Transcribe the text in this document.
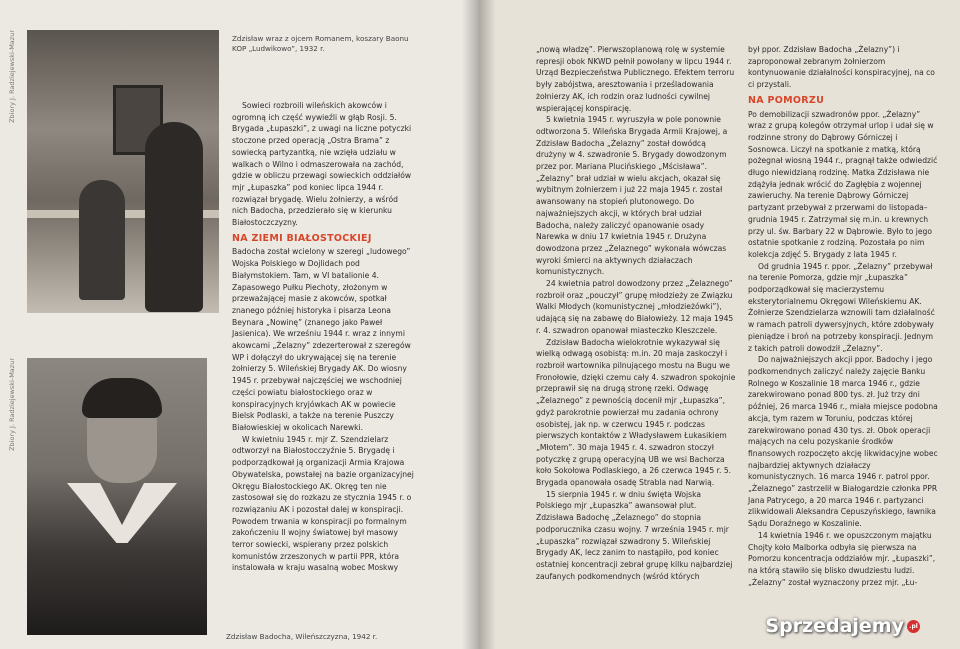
Zbiory J. Radziejewski-Mazur	Zdzisław wraz z ojcem Romanem, koszary Baonu KOP „Ludwikowo”, 1932 r.
Zbiory J. Radziejewski-Mazur
Zdzisław Badocha, Wileńszczyzna, 1942 r.

Sowieci rozbroili wileńskich akowców i ogromną ich część wywieźli w głąb Rosji. 5. Brygada „Łupaszki”, z uwagi na liczne potyczki stoczone przed operacją „Ostra Brama” z sowiecką partyzantką, nie wzięła udziału w walkach o Wilno i odmaszerowała na zachód, gdzie w obliczu przewagi sowieckich oddziałów mjr „Łupaszka” pod koniec lipca 1944 r. rozwiązał brygadę. Wielu żołnierzy, a wśród nich Badocha, przedzierało się w kierunku Białostoczczyzny.

NA ZIEMI BIAŁOSTOCKIEJ

Badocha został wcielony w szeregi „ludowego” Wojska Polskiego w Dojlidach pod Białymstokiem. Tam, w VI batalionie 4. Zapasowego Pułku Piechoty, złożonym w przeważającej masie z akowców, spotkał znanego później historyka i pisarza Leona Beynara „Nowinę” (znanego jako Paweł Jasienica). We wrześniu 1944 r. wraz z innymi akowcami „Żelazny” zdezerterował z szeregów WP i dołączył do ukrywającej się na terenie żołnierzy 5. Wileńskiej Brygady AK. Do wiosny 1945 r. przebywał najczęściej we wschodniej części powiatu białostockiego oraz w konspiracyjnych kryjówkach AK w powiecie Bielsk Podlaski, a także na terenie Puszczy Białowieskiej w okolicach Narewki.

W kwietniu 1945 r. mjr Z. Szendzielarz odtworzył na Białostocczyźnie 5. Brygadę i podporządkował ją organizacji Armia Krajowa Obywatelska, powstałej na bazie organizacyjnej Okręgu Białostockiego AK. Okręg ten nie zastosował się do rozkazu ze stycznia 1945 r. o rozwiązaniu AK i pozostał dalej w konspiracji. Powodem trwania w konspiracji po formalnym zakończeniu II wojny światowej był masowy terror sowiecki, wspierany przez polskich komunistów zrzeszonych w partii PPR, która instalowała w kraju wasalną wobec Moskwy

„nową władzę”. Pierwszoplanową rolę w systemie represji obok NKWD pełnił powołany w lipcu 1944 r. Urząd Bezpieczeństwa Publicznego. Efektem terroru były zabójstwa, aresztowania i prześladowania żołnierzy AK, ich rodzin oraz ludności cywilnej wspierającej konspirację.

5 kwietnia 1945 r. wyruszyła w pole ponownie odtworzona 5. Wileńska Brygada Armii Krajowej, a Zdzisław Badocha „Żelazny” został dowódcą drużyny w 4. szwadronie 5. Brygady dowodzonym przez por. Mariana Plucińskiego „Mścisława”. „Żelazny” brał udział w wielu akcjach, okazał się wybitnym żołnierzem i już 22 maja 1945 r. został awansowany na stopień plutonowego. Do najważniejszych akcji, w których brał udział Badocha, należy zaliczyć opanowanie osady Narewka w dniu 17 kwietnia 1945 r. Drużyna dowodzona przez „Żelaznego” wykonała wówczas wyroki śmierci na aktywnych działaczach komunistycznych.

24 kwietnia patrol dowodzony przez „Żelaznego” rozbroił oraz „pouczył” grupę młodzieży ze Związku Walki Młodych (komunistycznej „młodzieżówki”), udającą się na zabawę do Białowieży. 12 maja 1945 r. 4. szwadron opanował miasteczko Kleszczele.

Zdzisław Badocha wielokrotnie wykazywał się wielką odwagą osobistą: m.in. 20 maja zaskoczył i rozbroił wartownika pilnującego mostu na Bugu we Fronołowie, dzięki czemu cały 4. szwadron spokojnie przeprawił się na drugą stronę rzeki. Odwagę „Żelaznego” z pewnością docenił mjr „Łupaszka”, gdyż parokrotnie powierzał mu zadania ochrony osobistej, jak np. w czerwcu 1945 r. podczas pierwszych kontaktów z Władysławem Łukasikiem „Młotem”. 30 maja 1945 r. 4. szwadron stoczył potyczkę z grupą operacyjną UB we wsi Bachorza koło Sokołowa Podlaskiego, a 26 czerwca 1945 r. 5. Brygada opanowała osadę Strabla nad Narwią.

15 sierpnia 1945 r. w dniu święta Wojska Polskiego mjr „Łupaszka” awansował plut. Zdzisława Badochę „Żelaznego” do stopnia podporucznika czasu wojny. 7 września 1945 r. mjr „Łupaszka” rozwiązał szwadrony 5. Wileńskiej Brygady AK, lecz zanim to nastąpiło, pod koniec ostatniej koncentracji zebrał grupę kilku najbardziej zaufanych podkomendnych (wśród których

był ppor. Zdzisław Badocha „Żelazny”) i zaproponował zebranym żołnierzom kontynuowanie działalności konspiracyjnej, na co ci przystali.

NA POMORZU

Po demobilizacji szwadronów ppor. „Żelazny” wraz z grupą kolegów otrzymał urlop i udał się w rodzinne strony do Dąbrowy Górniczej i Sosnowca. Liczył na spotkanie z matką, którą pożegnał wiosną 1944 r., pragnął także odwiedzić długo niewidzianą rodzinę. Matka Zdzisława nie zdążyła jednak wrócić do Zagłębia z wojennej zawieruchy. Na terenie Dąbrowy Górniczej partyzant przebywał z przerwami do listopada–grudnia 1945 r. Zatrzymał się m.in. u krewnych przy ul. św. Barbary 22 w Dąbrowie. Było to jego ostatnie spotkanie z rodziną. Pozostała po nim kolekcja zdjęć 5. Brygady z lata 1945 r.

Od grudnia 1945 r. ppor. „Żelazny” przebywał na terenie Pomorza, gdzie mjr „Łupaszka” podporządkował się macierzystemu eksterytorialnemu Okręgowi Wileńskiemu AK. Żołnierze Szendzielarza wznowili tam działalność w ramach patroli dywersyjnych, które zdobywały pieniądze i broń na potrzeby konspiracji. Jednym z takich patroli dowodził „Żelazny”.

Do najważniejszych akcji ppor. Badochy i jego podkomendnych zaliczyć należy zajęcie Banku Rolnego w Koszalinie 18 marca 1946 r., gdzie zarekwirowano ponad 800 tys. zł. Już trzy dni później, 26 marca 1946 r., miała miejsce podobna akcja, tym razem w Toruniu, podczas której zarekwirowano ponad 430 tys. zł. Obok operacji mających na celu pozyskanie środków finansowych rozpoczęto akcję likwidacyjne wobec najbardziej aktywnych działaczy komunistycznych. 16 marca 1946 r. patrol ppor. „Żelaznego” zastrzelił w Białogardzie członka PPR Jana Patrycego, a 20 marca 1946 r. partyzanci zlikwidowali Aleksandra Cepuszyńskiego, ławnika Sądu Doraźnego w Koszalinie.

14 kwietnia 1946 r. we opuszczonym majątku Chojty koło Malborka odbyła się pierwsza na Pomorzu koncentracja oddziałów mjr. „Łupaszki”, na którą stawiło się blisko dwudziestu ludzi. „Żelazny” został wyznaczony przez mjr. „Łu-

Sprzedajemy .pl
